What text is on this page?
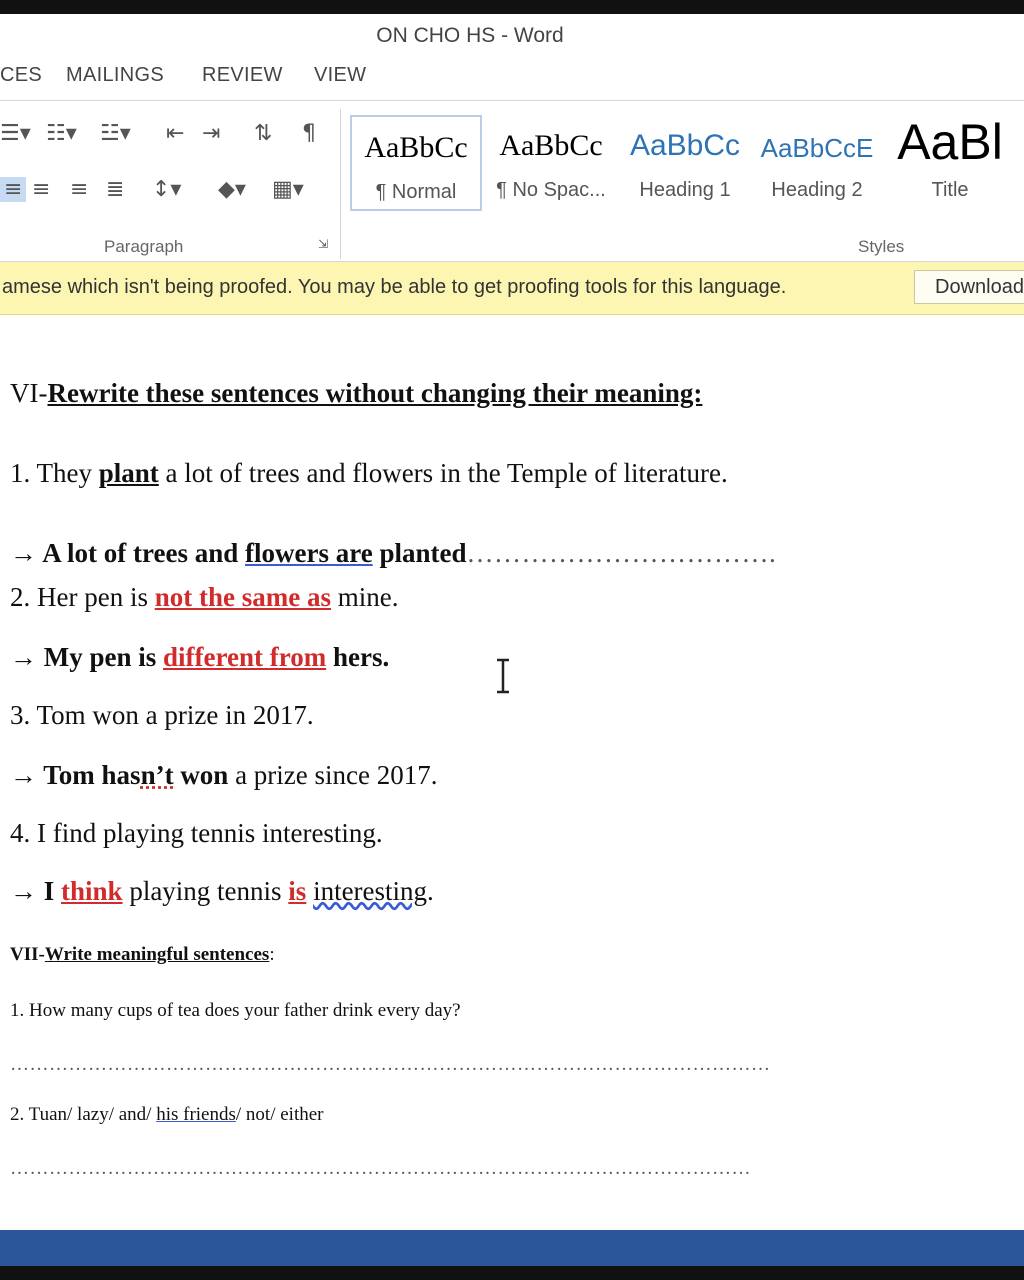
ON CHO HS - Word
CES MAILINGS REVIEW VIEW
☰▾ ☷▾ ☳▾ ⇤ ⇥ ⇅ ¶
≡ ≡ ≡ ≣ ↕▾ ◆▾ ▦▾
Paragraph	⇲
AaBbCc
¶ Normal
AaBbCc
¶ No Spac...
AaBbCc
Heading 1
AaBbCcE
Heading 2
AaBl
Title
Styles
amese which isn't being proofed. You may be able to get proofing tools for this language.	Download
VI-Rewrite these sentences without changing their meaning:
1. They plant a lot of trees and flowers in the Temple of literature.
→ A lot of trees and flowers are planted…………………………….
2. Her pen is not the same as mine.
→ My pen is different from hers.
3. Tom won a prize in 2017.
→ Tom hasn’t won a prize since 2017.
4. I find playing tennis interesting.
→ I think playing tennis is interesting.
VII-Write meaningful sentences:
1. How many cups of tea does your father drink every day?
………………………………………………………………………………………………………
2. Tuan/ lazy/ and/ his friends/ not/ either
……………………………………………………………………………………………………
